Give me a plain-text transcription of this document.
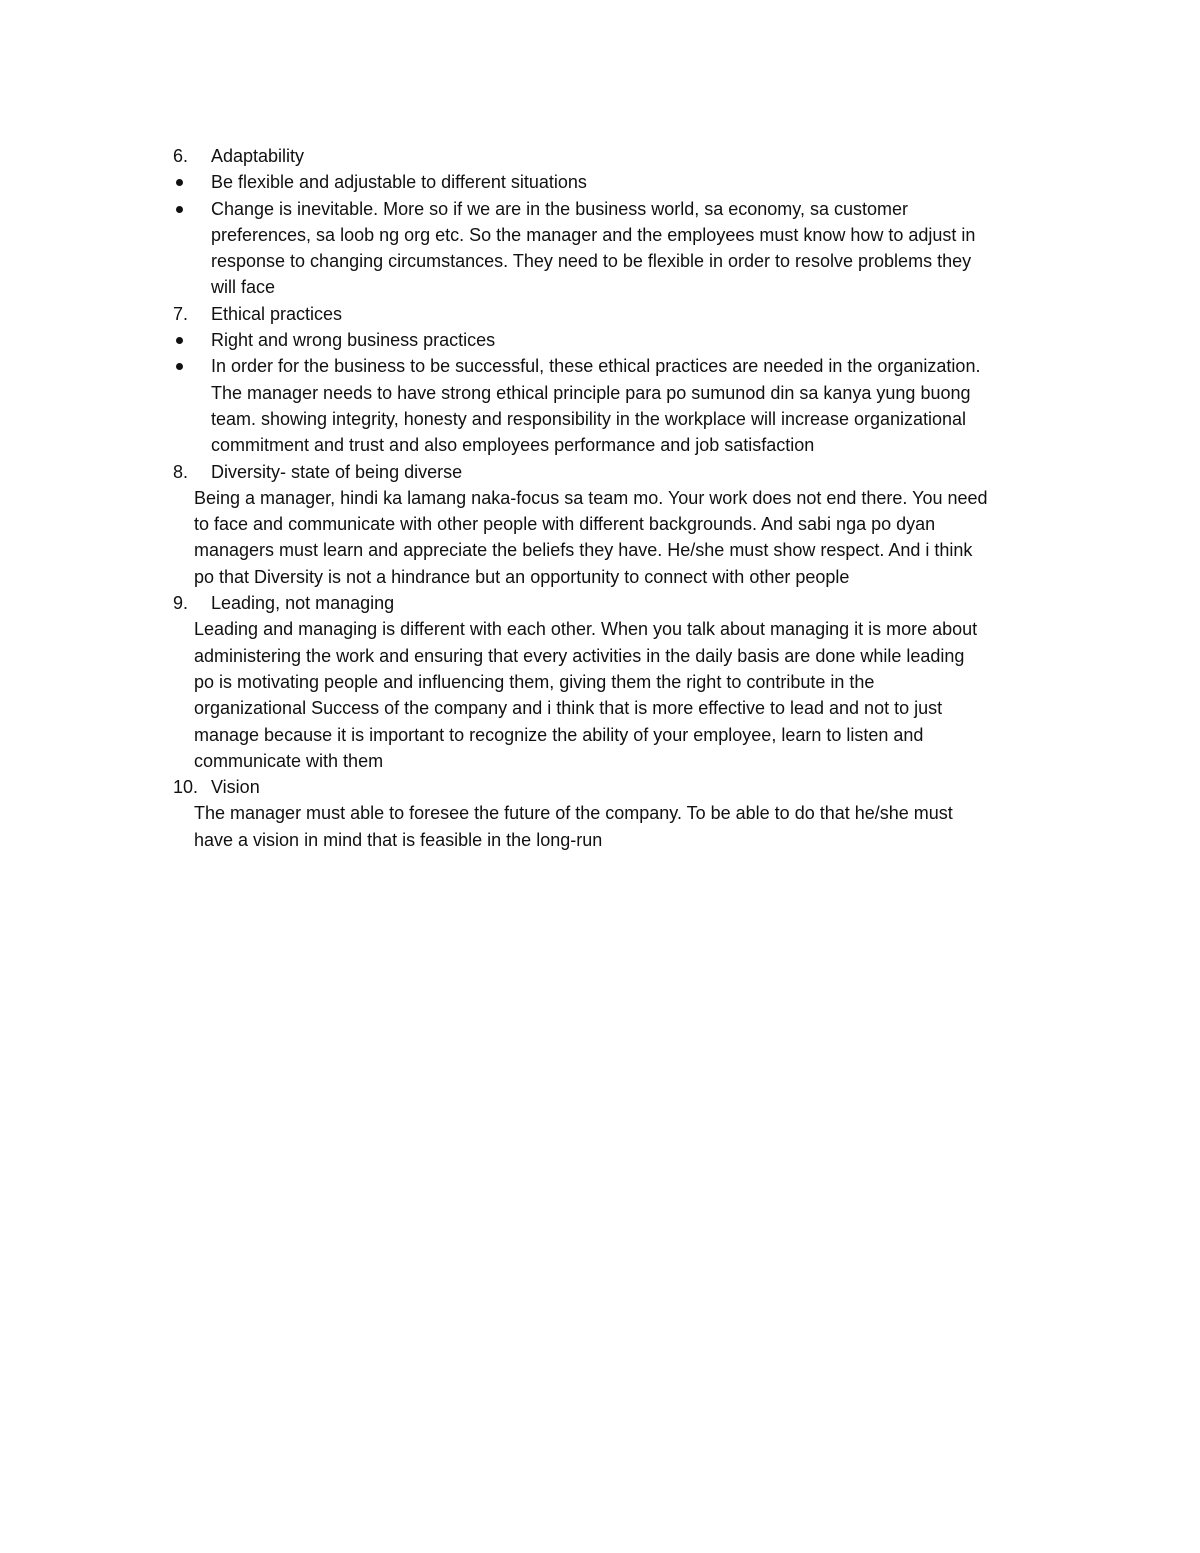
6. Adaptability
Be flexible and adjustable to different situations
Change is inevitable. More so if we are in the business world, sa economy, sa customer
preferences, sa loob ng org etc. So the manager and the employees must know how to adjust in
response to changing circumstances. They need to be flexible in order to resolve problems they
will face
7. Ethical practices
Right and wrong business practices
In order for the business to be successful, these ethical practices are needed in the organization.
The manager needs to have strong ethical principle para po sumunod din sa kanya yung buong
team. showing integrity, honesty and responsibility in the workplace will increase organizational
commitment and trust and also employees performance and job satisfaction
8. Diversity- state of being diverse
Being a manager, hindi ka lamang naka-focus sa team mo. Your work does not end there. You need
to face and communicate with other people with different backgrounds. And sabi nga po dyan
managers must learn and appreciate the beliefs they have. He/she must show respect. And i think
po that Diversity is not a hindrance but an opportunity to connect with other people
9. Leading, not managing
Leading and managing is different with each other. When you talk about managing it is more about
administering the work and ensuring that every activities in the daily basis are done while leading
po is motivating people and influencing them, giving them the right to contribute in the
organizational Success of the company and i think that is more effective to lead and not to just
manage because it is important to recognize the ability of your employee, learn to listen and
communicate with them
10. Vision
The manager must able to foresee the future of the company. To be able to do that he/she must
have a vision in mind that is feasible in the long-run
